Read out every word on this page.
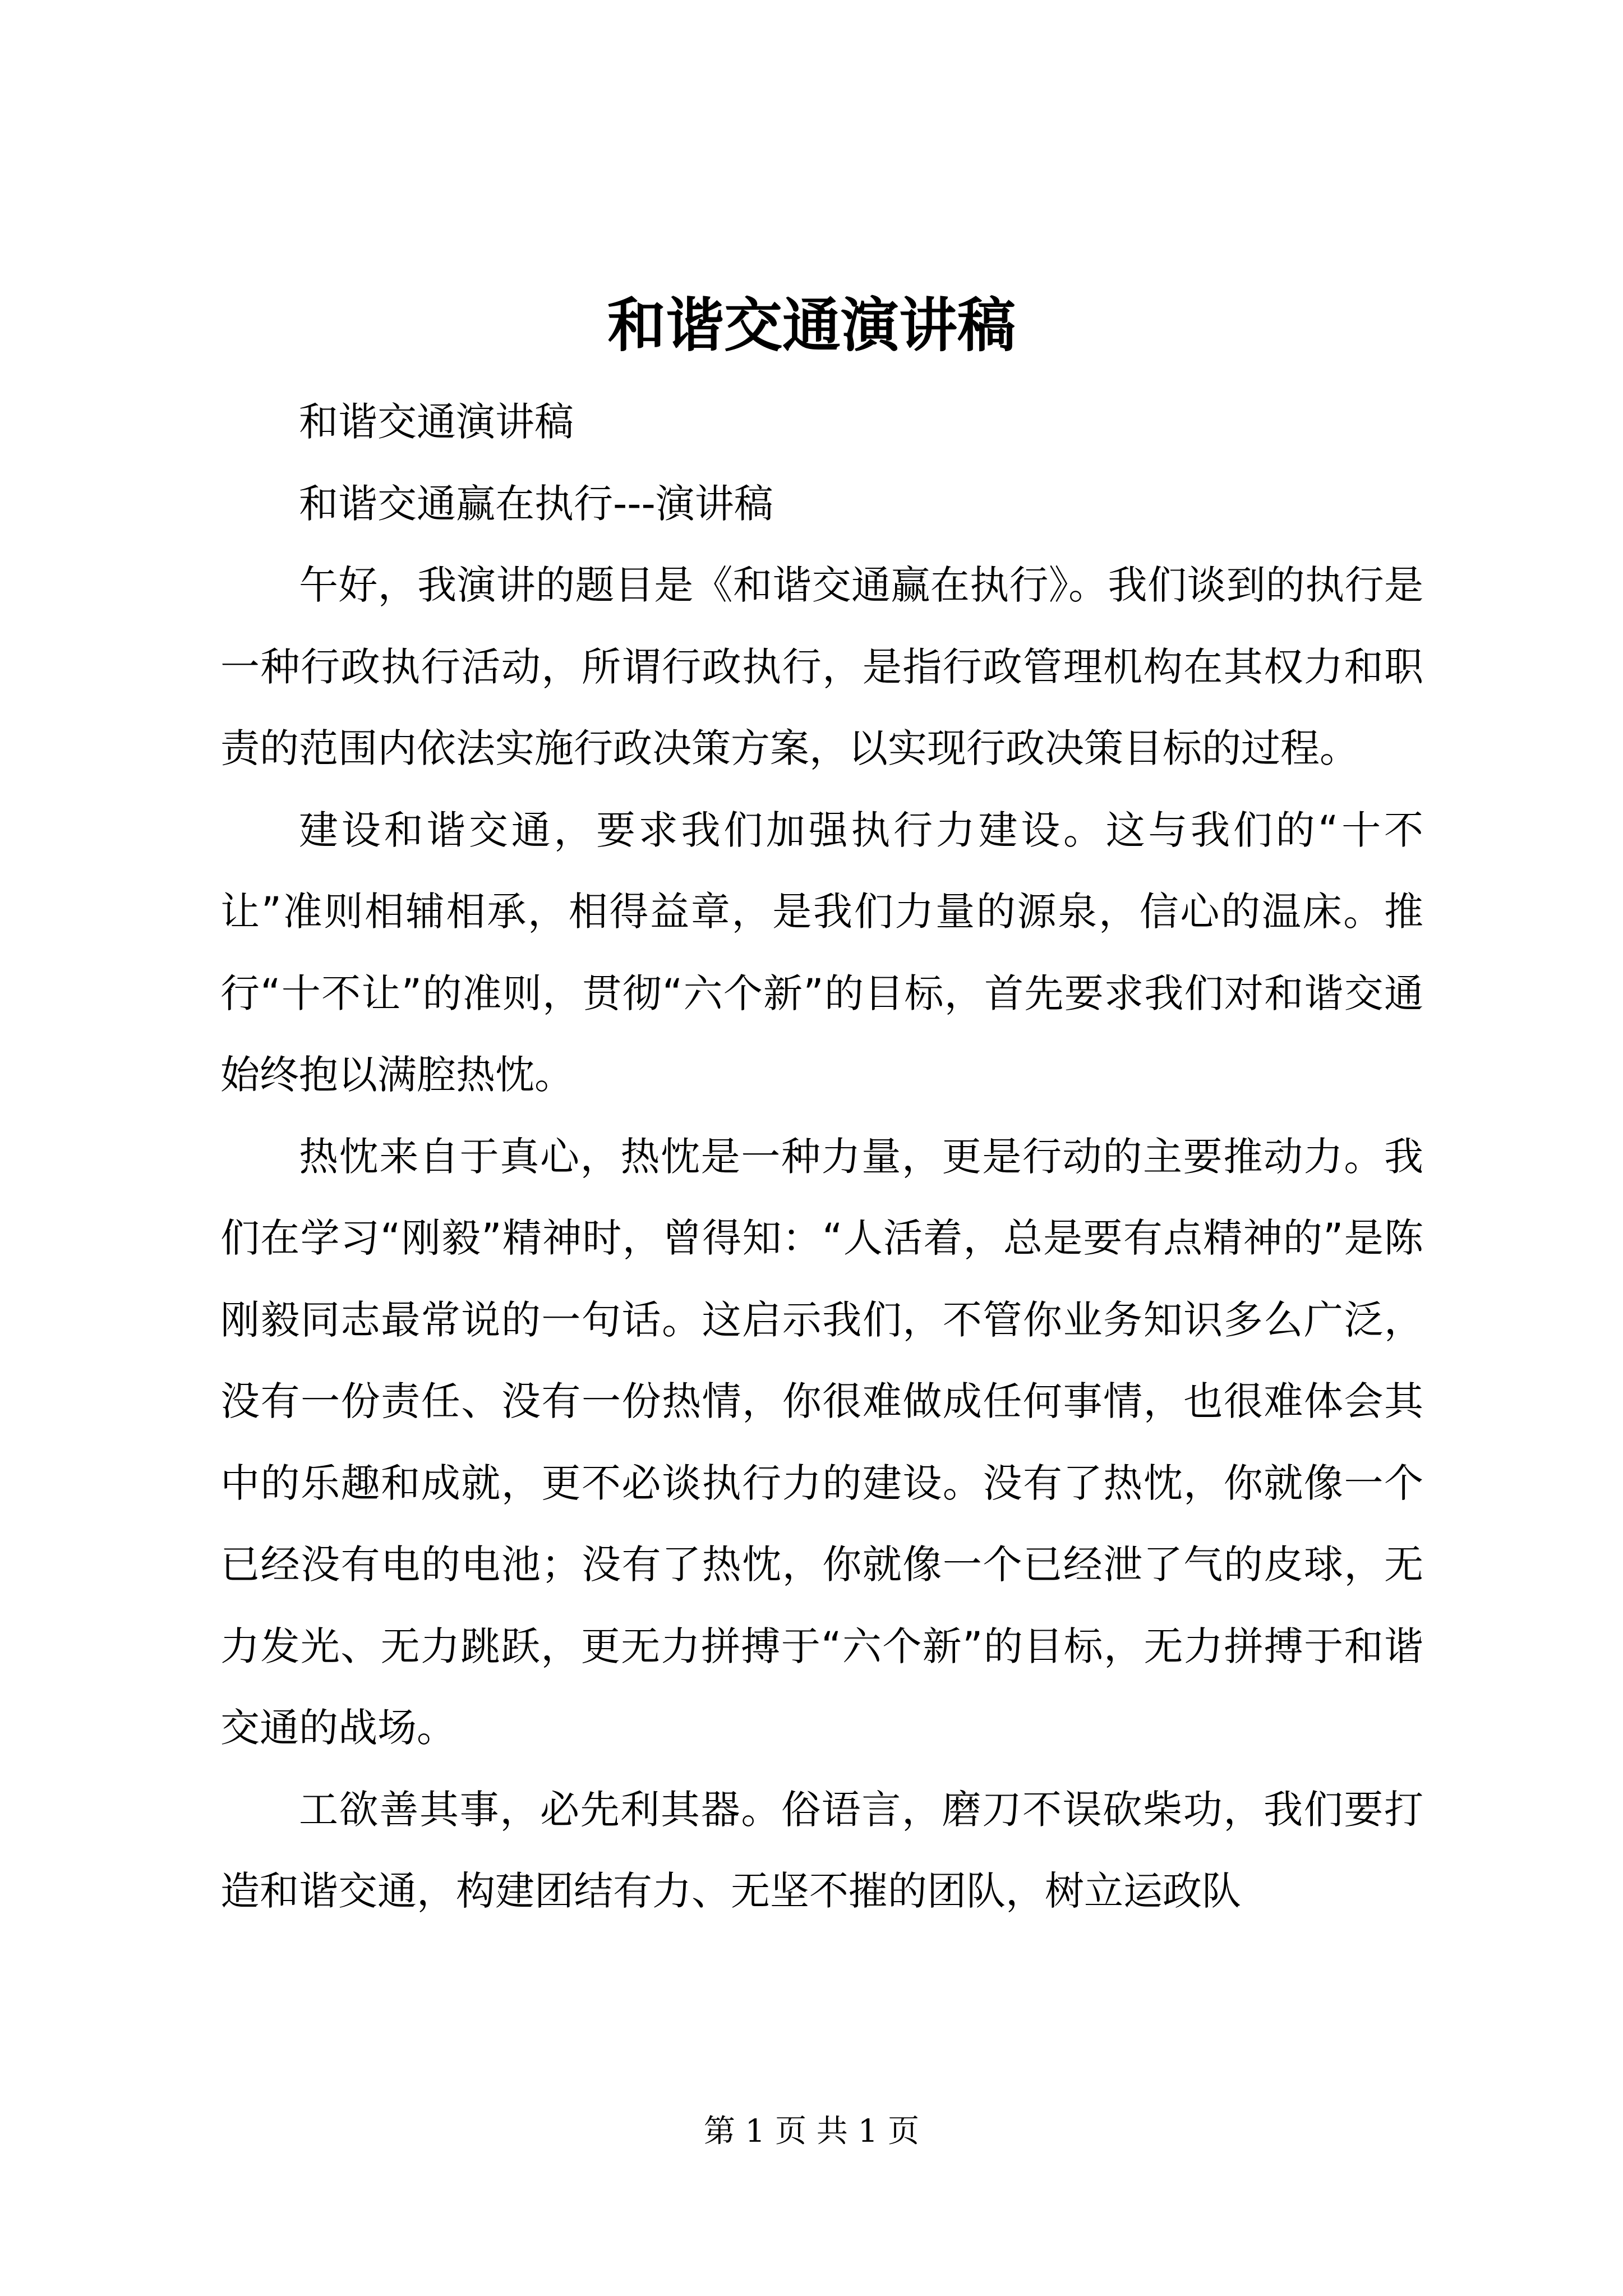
和谐交通演讲稿

和谐交通演讲稿

和谐交通赢在执行---演讲稿

午好，我演讲的题目是《和谐交通赢在执行》。我们谈到的执行是一种行政执行活动，所谓行政执行，是指行政管理机构在其权力和职责的范围内依法实施行政决策方案，以实现行政决策目标的过程。

建设和谐交通，要求我们加强执行力建设。这与我们的“十不让”准则相辅相承，相得益章，是我们力量的源泉，信心的温床。推行“十不让”的准则，贯彻“六个新”的目标，首先要求我们对和谐交通始终抱以满腔热忱。

热忱来自于真心，热忱是一种力量，更是行动的主要推动力。我们在学习“刚毅”精神时，曾得知：“人活着，总是要有点精神的”是陈刚毅同志最常说的一句话。这启示我们，不管你业务知识多么广泛，没有一份责任、没有一份热情，你很难做成任何事情，也很难体会其中的乐趣和成就，更不必谈执行力的建设。没有了热忱，你就像一个已经没有电的电池；没有了热忱，你就像一个已经泄了气的皮球，无力发光、无力跳跃，更无力拼搏于“六个新”的目标，无力拼搏于和谐交通的战场。

工欲善其事，必先利其器。俗语言，磨刀不误砍柴功，我们要打造和谐交通，构建团结有力、无坚不摧的团队，树立运政队

第 1 页 共 1 页
